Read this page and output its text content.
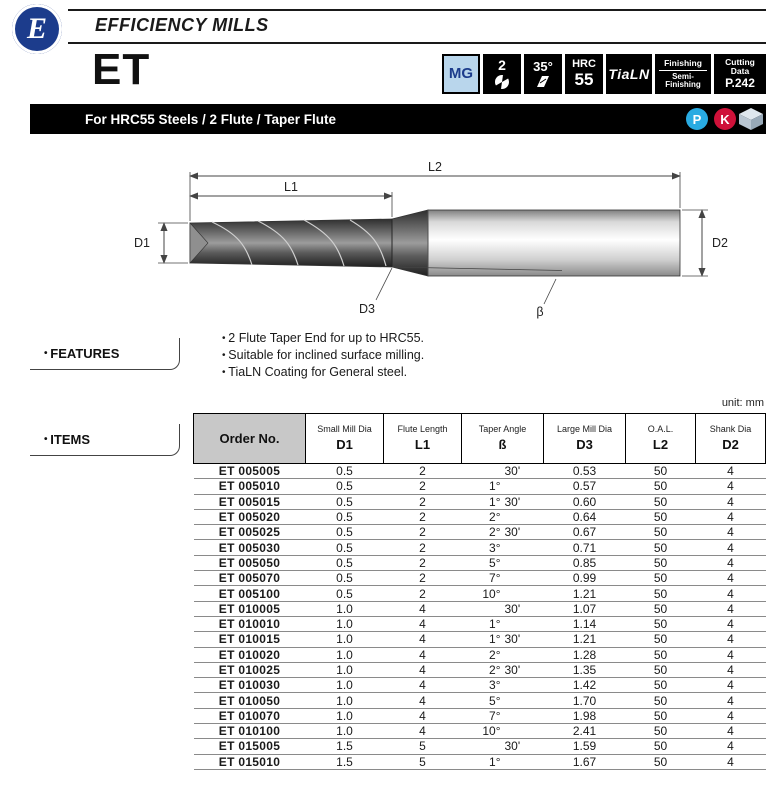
E	EFFICIENCY MILLS
ET	MG
2 35° HRC
55 TiaLN
Finishing
Semi-
Finishing
Cutting
Data
P.242
For HRC55 Steels / 2 Flute / Taper Flute	P	K
L2
L1
D1	D2
D3	β
• FEATURES
• 2 Flute Taper End for up to HRC55.
• Suitable for inclined surface milling.
• TiaLN Coating for General steel.
unit: mm
• ITEMS	Order No.	
Small Mill Dia
D1

Flute Length
L1

Taper Angle
ß

Large Mill Dia
D3

O.A.L.
L2

Shank Dia
D2

ET 005005	0.5	2	30'	0.53	50	4
ET 005010	0.5	2	1°	0.57	50	4
ET 005015	0.5	2	1° 30'	0.60	50	4
ET 005020	0.5	2	2°	0.64	50	4
ET 005025	0.5	2	2° 30'	0.67	50	4
ET 005030	0.5	2	3°	0.71	50	4
ET 005050	0.5	2	5°	0.85	50	4
ET 005070	0.5	2	7°	0.99	50	4
ET 005100	0.5	2	10°	1.21	50	4
ET 010005	1.0	4	30'	1.07	50	4
ET 010010	1.0	4	1°	1.14	50	4
ET 010015	1.0	4	1° 30'	1.21	50	4
ET 010020	1.0	4	2°	1.28	50	4
ET 010025	1.0	4	2° 30'	1.35	50	4
ET 010030	1.0	4	3°	1.42	50	4
ET 010050	1.0	4	5°	1.70	50	4
ET 010070	1.0	4	7°	1.98	50	4
ET 010100	1.0	4	10°	2.41	50	4
ET 015005	1.5	5	30'	1.59	50	4
ET 015010	1.5	5	1°	1.67	50	4
